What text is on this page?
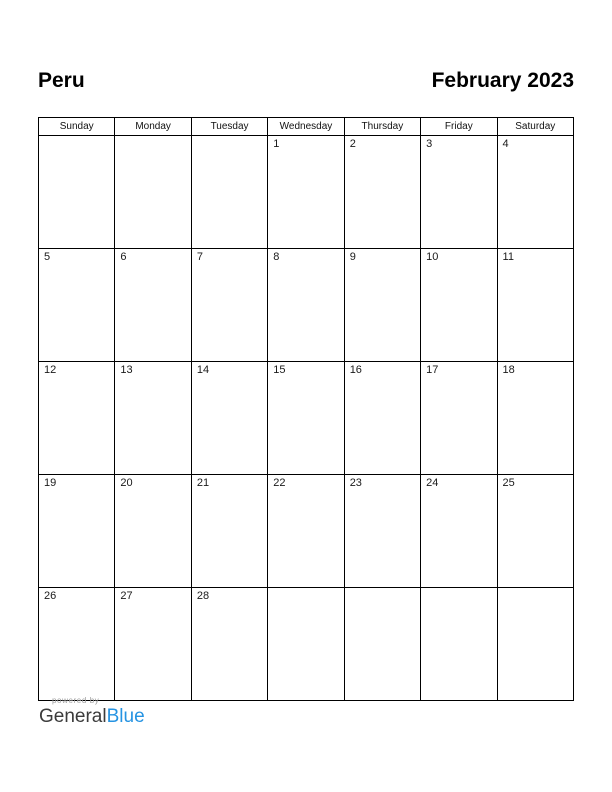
Peru	February 2023
Sunday	Monday	Tuesday	Wednesday	Thursday	Friday	Saturday
			1	2	3	4
5	6	7	8	9	10	11
12	13	14	15	16	17	18
19	20	21	22	23	24	25
26	27	28				
powered by
GeneralBlue
